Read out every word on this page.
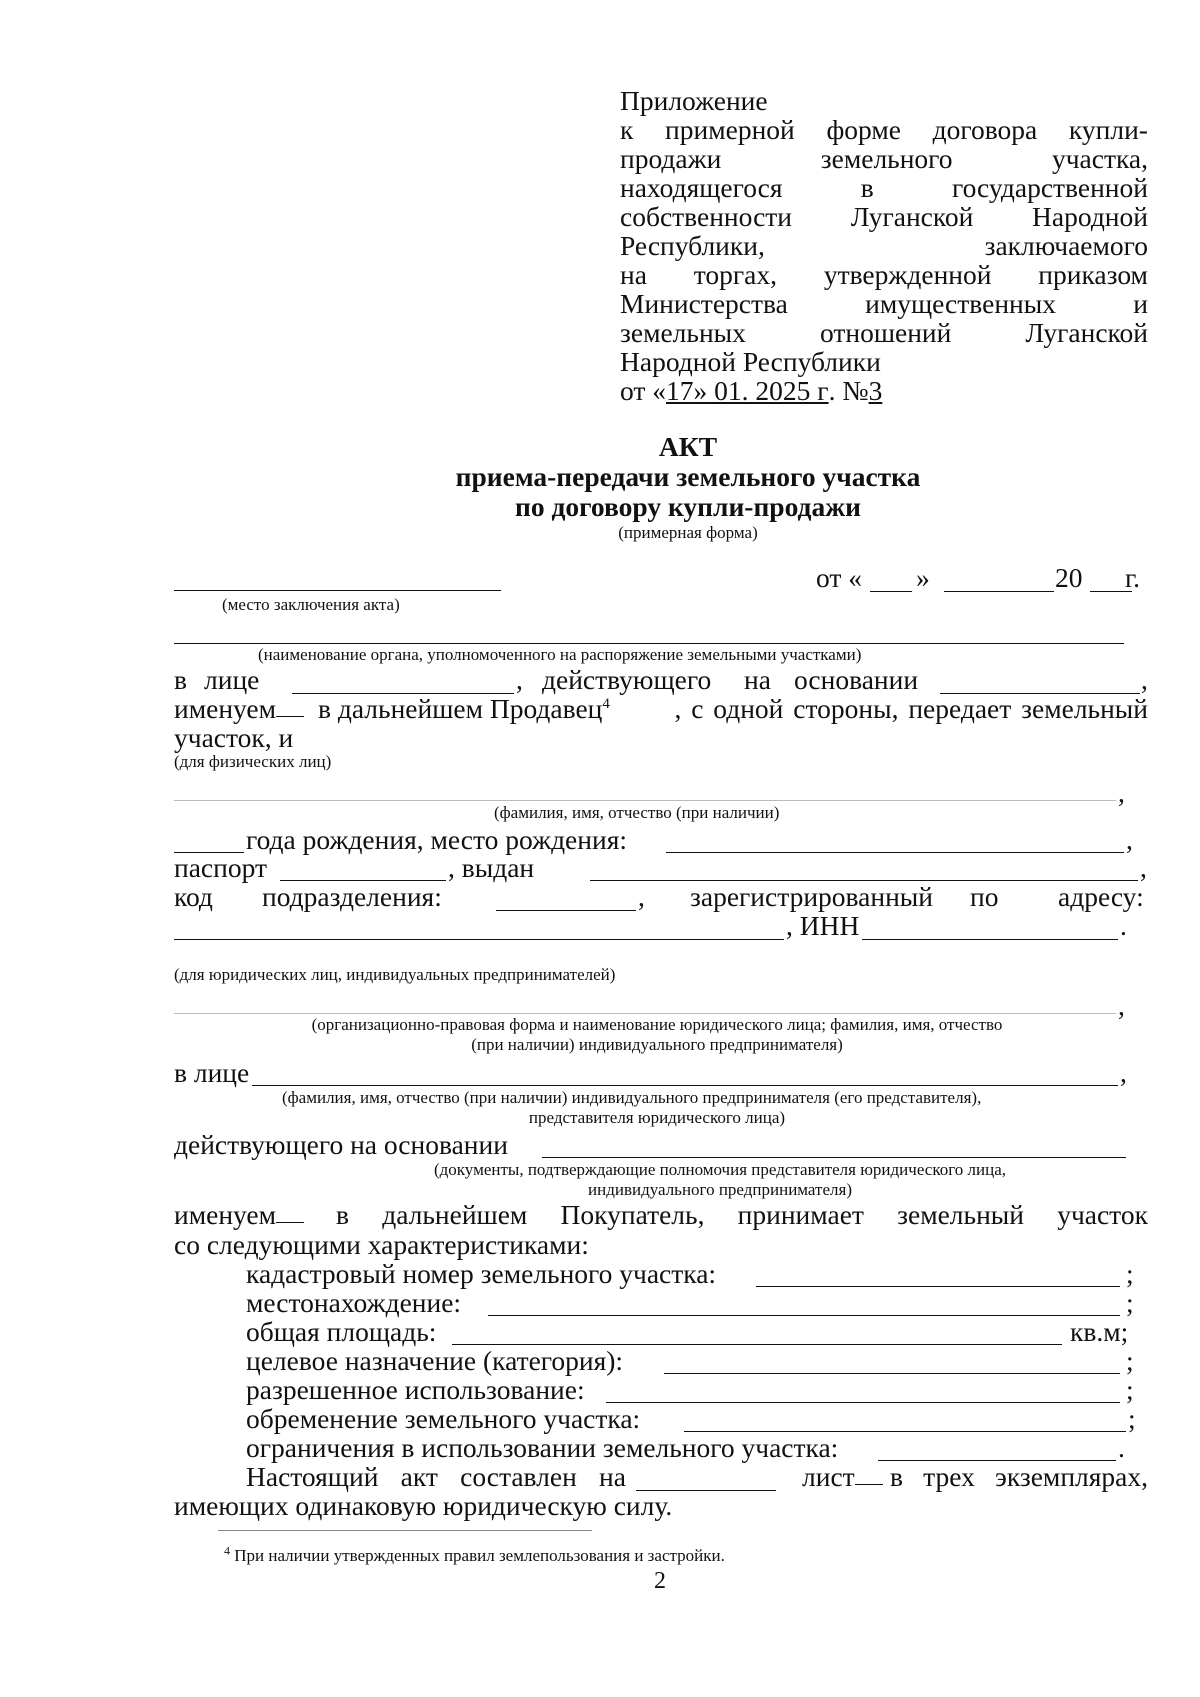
Приложение
к примерной форме договора купли-
продажи	земельного	участка,
находящегося	в	государственной
собственности Луганской Народной
Республики,	заключаемого
на торгах, утвержденной приказом
Министерства	имущественных	и
земельных	отношений	Луганской
Народной Республики
от « 17 » 01. 2025 г . № 3
АКТ
приема-передачи земельного участка
по договору купли-продажи
(примерная форма)
(место заключения акта)
от « »	20 г.
(наименование органа, уполномоченного на распоряжение земельными участками)
в лице	, действующего на основании	,
именуем	в дальнейшем Продавец$^4$ , с одной стороны, передает земельный
участок, и
(для физических лиц)
,
(фамилия, имя, отчество (при наличии)
года рождения, место рождения:	,
паспорт	, выдан	,
код подразделения:	, зарегистрированный по адресу:
, ИНН	.
(для юридических лиц, индивидуальных предпринимателей)
,
(организационно-правовая форма и наименование юридического лица; фамилия, имя, отчество
(при наличии) индивидуального предпринимателя)
в лице	,
(фамилия, имя, отчество (при наличии) индивидуального предпринимателя (его представителя),
представителя юридического лица)
действующего на основании
(документы, подтверждающие полномочия представителя юридического лица,
индивидуального предпринимателя)
именуем	в дальнейшем Покупатель, принимает земельный участок
со следующими характеристиками:
кадастровый номер земельного участка:	;
местонахождение:	;
общая площадь:	кв.м;
целевое назначение (категория):	;
разрешенное использование:	;
обременение земельного участка:	;
ограничения в использовании земельного участка:	.
Настоящий акт составлен на	лист	в трех экземплярах,
имеющих одинаковую юридическую силу.
$^4$ При наличии утвержденных правил землепользования и застройки.
2
